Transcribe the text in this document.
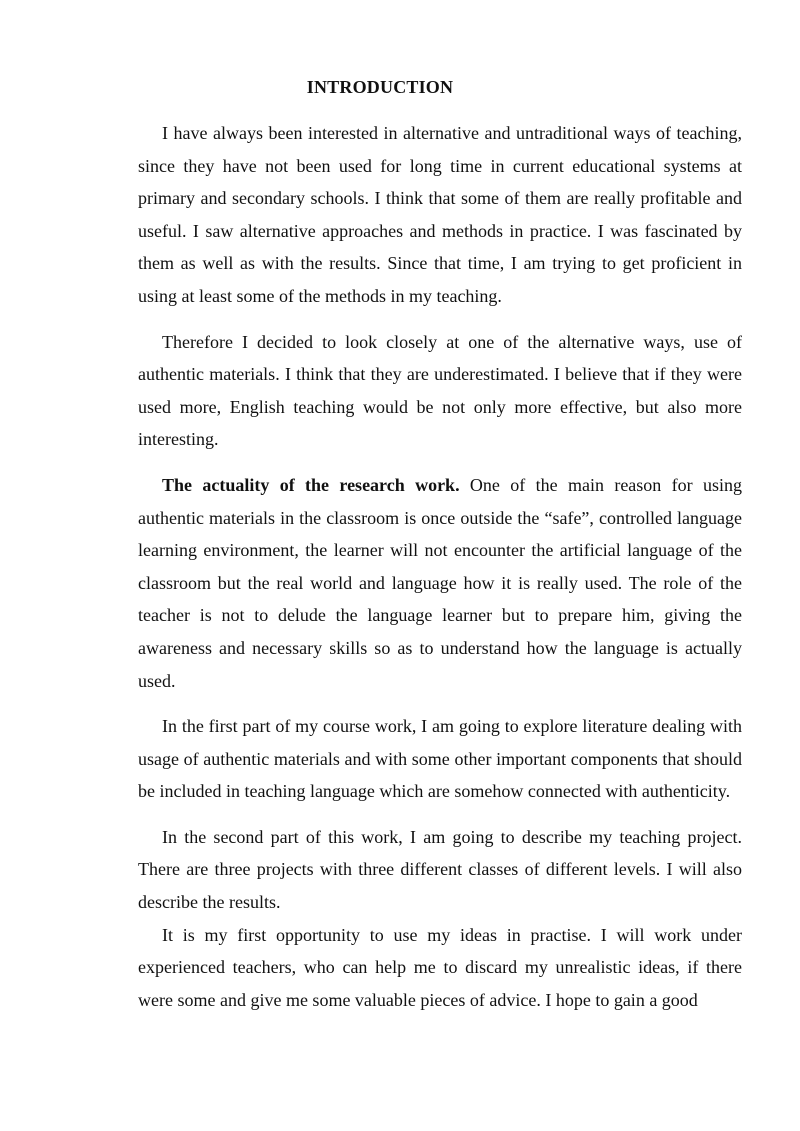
INTRODUCTION

I have always been interested in alternative and untraditional ways of teaching, since they have not been used for long time in current educational systems at primary and secondary schools. I think that some of them are really profitable and useful. I saw alternative approaches and methods in practice. I was fascinated by them as well as with the results. Since that time, I am trying to get proficient in using at least some of the methods in my teaching.

Therefore I decided to look closely at one of the alternative ways, use of authentic materials. I think that they are underestimated. I believe that if they were used more, English teaching would be not only more effective, but also more interesting.

The actuality of the research work. One of the main reason for using authentic materials in the classroom is once outside the “safe”, controlled language learning environment, the learner will not encounter the artificial language of the classroom but the real world and language how it is really used. The role of the teacher is not to delude the language learner but to prepare him, giving the awareness and necessary skills so as to understand how the language is actually used.

In the first part of my course work, I am going to explore literature dealing with usage of authentic materials and with some other important components that should be included in teaching language which are somehow connected with authenticity.

In the second part of this work, I am going to describe my teaching project. There are three projects with three different classes of different levels. I will also describe the results.

It is my first opportunity to use my ideas in practise. I will work under experienced teachers, who can help me to discard my unrealistic ideas, if there were some and give me some valuable pieces of advice. I hope to gain a good
